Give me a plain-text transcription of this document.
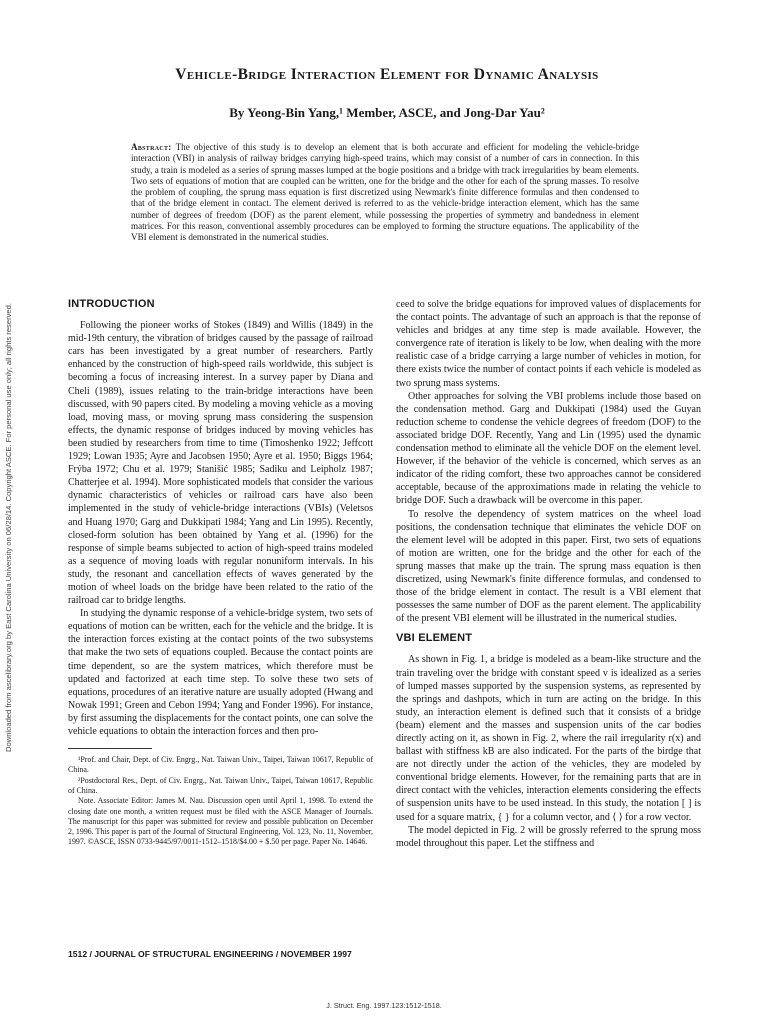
Downloaded from ascelibrary.org by East Carolina University on 06/28/14. Copyright ASCE. For personal use only; all rights reserved.
Vehicle-Bridge Interaction Element for Dynamic Analysis
By Yeong-Bin Yang,¹ Member, ASCE, and Jong-Dar Yau²

Abstract: The objective of this study is to develop an element that is both accurate and efficient for modeling the vehicle-bridge interaction (VBI) in analysis of railway bridges carrying high-speed trains, which may consist of a number of cars in connection. In this study, a train is modeled as a series of sprung masses lumped at the bogie positions and a bridge with track irregularities by beam elements. Two sets of equations of motion that are coupled can be written, one for the bridge and the other for each of the sprung masses. To resolve the problem of coupling, the sprung mass equation is first discretized using Newmark's finite difference formulas and then condensed to that of the bridge element in contact. The element derived is referred to as the vehicle-bridge interaction element, which has the same number of degrees of freedom (DOF) as the parent element, while possessing the properties of symmetry and bandedness in element matrices. For this reason, conventional assembly procedures can be employed to forming the structure equations. The applicability of the VBI element is demonstrated in the numerical studies.

INTRODUCTION

Following the pioneer works of Stokes (1849) and Willis (1849) in the mid-19th century, the vibration of bridges caused by the passage of railroad cars has been investigated by a great number of researchers. Partly enhanced by the construction of high-speed rails worldwide, this subject is becoming a focus of increasing interest. In a survey paper by Diana and Cheli (1989), issues relating to the train-bridge interactions have been discussed, with 90 papers cited. By modeling a moving vehicle as a moving load, moving mass, or moving sprung mass considering the suspension effects, the dynamic response of bridges induced by moving vehicles has been studied by researchers from time to time (Timoshenko 1922; Jeffcott 1929; Lowan 1935; Ayre and Jacobsen 1950; Ayre et al. 1950; Biggs 1964; Frýba 1972; Chu et al. 1979; Stanišić 1985; Sadiku and Leipholz 1987; Chatterjee et al. 1994). More sophisticated models that consider the various dynamic characteristics of vehicles or railroad cars have also been implemented in the study of vehicle-bridge interactions (VBIs) (Veletsos and Huang 1970; Garg and Dukkipati 1984; Yang and Lin 1995). Recently, closed-form solution has been obtained by Yang et al. (1996) for the response of simple beams subjected to action of high-speed trains modeled as a sequence of moving loads with regular nonuniform intervals. In his study, the resonant and cancellation effects of waves generated by the motion of wheel loads on the bridge have been related to the ratio of the railroad car to bridge lengths.

In studying the dynamic response of a vehicle-bridge system, two sets of equations of motion can be written, each for the vehicle and the bridge. It is the interaction forces existing at the contact points of the two subsystems that make the two sets of equations coupled. Because the contact points are time dependent, so are the system matrices, which therefore must be updated and factorized at each time step. To solve these two sets of equations, procedures of an iterative nature are usually adopted (Hwang and Nowak 1991; Green and Cebon 1994; Yang and Fonder 1996). For instance, by first assuming the displacements for the contact points, one can solve the vehicle equations to obtain the interaction forces and then pro-

¹Prof. and Chair, Dept. of Civ. Engrg., Nat. Taiwan Univ., Taipei, Taiwan 10617, Republic of China.

²Postdoctoral Res., Dept. of Civ. Engrg., Nat. Taiwan Univ., Taipei, Taiwan 10617, Republic of China.

Note. Associate Editor: James M. Nau. Discussion open until April 1, 1998. To extend the closing date one month, a written request must be filed with the ASCE Manager of Journals. The manuscript for this paper was submitted for review and possible publication on December 2, 1996. This paper is part of the Journal of Structural Engineering, Vol. 123, No. 11, November, 1997. ©ASCE, ISSN 0733-9445/97/0011-1512–1518/$4.00 + $.50 per page. Paper No. 14646.

ceed to solve the bridge equations for improved values of displacements for the contact points. The advantage of such an approach is that the reponse of vehicles and bridges at any time step is made available. However, the convergence rate of iteration is likely to be low, when dealing with the more realistic case of a bridge carrying a large number of vehicles in motion, for there exists twice the number of contact points if each vehicle is modeled as two sprung mass systems.

Other approaches for solving the VBI problems include those based on the condensation method. Garg and Dukkipati (1984) used the Guyan reduction scheme to condense the vehicle degrees of freedom (DOF) to the associated bridge DOF. Recently, Yang and Lin (1995) used the dynamic condensation method to eliminate all the vehicle DOF on the element level. However, if the behavior of the vehicle is concerned, which serves as an indicator of the riding comfort, these two approaches cannot be considered acceptable, because of the approximations made in relating the vehicle to bridge DOF. Such a drawback will be overcome in this paper.

To resolve the dependency of system matrices on the wheel load positions, the condensation technique that eliminates the vehicle DOF on the element level will be adopted in this paper. First, two sets of equations of motion are written, one for the bridge and the other for each of the sprung masses that make up the train. The sprung mass equation is then discretized, using Newmark's finite difference formulas, and condensed to those of the bridge element in contact. The result is a VBI element that possesses the same number of DOF as the parent element. The applicability of the present VBI element will be illustrated in the numerical studies.

VBI ELEMENT

As shown in Fig. 1, a bridge is modeled as a beam-like structure and the train traveling over the bridge with constant speed v is idealized as a series of lumped masses supported by the suspension systems, as represented by the springs and dashpots, which in turn are acting on the bridge. In this study, an interaction element is defined such that it consists of a bridge (beam) element and the masses and suspension units of the car bodies directly acting on it, as shown in Fig. 2, where the rail irregularity r(x) and ballast with stiffness kB are also indicated. For the parts of the birdge that are not directly under the action of the vehicles, they are modeled by conventional bridge elements. However, for the remaining parts that are in direct contact with the vehicles, interaction elements considering the effects of suspension units have to be used instead. In this study, the notation [ ] is used for a square matrix, { } for a column vector, and ⟨ ⟩ for a row vector.

The model depicted in Fig. 2 will be grossly referred to the sprung moss model throughout this paper. Let the stiffness and

1512 / JOURNAL OF STRUCTURAL ENGINEERING / NOVEMBER 1997
J. Struct. Eng. 1997.123:1512-1518.
